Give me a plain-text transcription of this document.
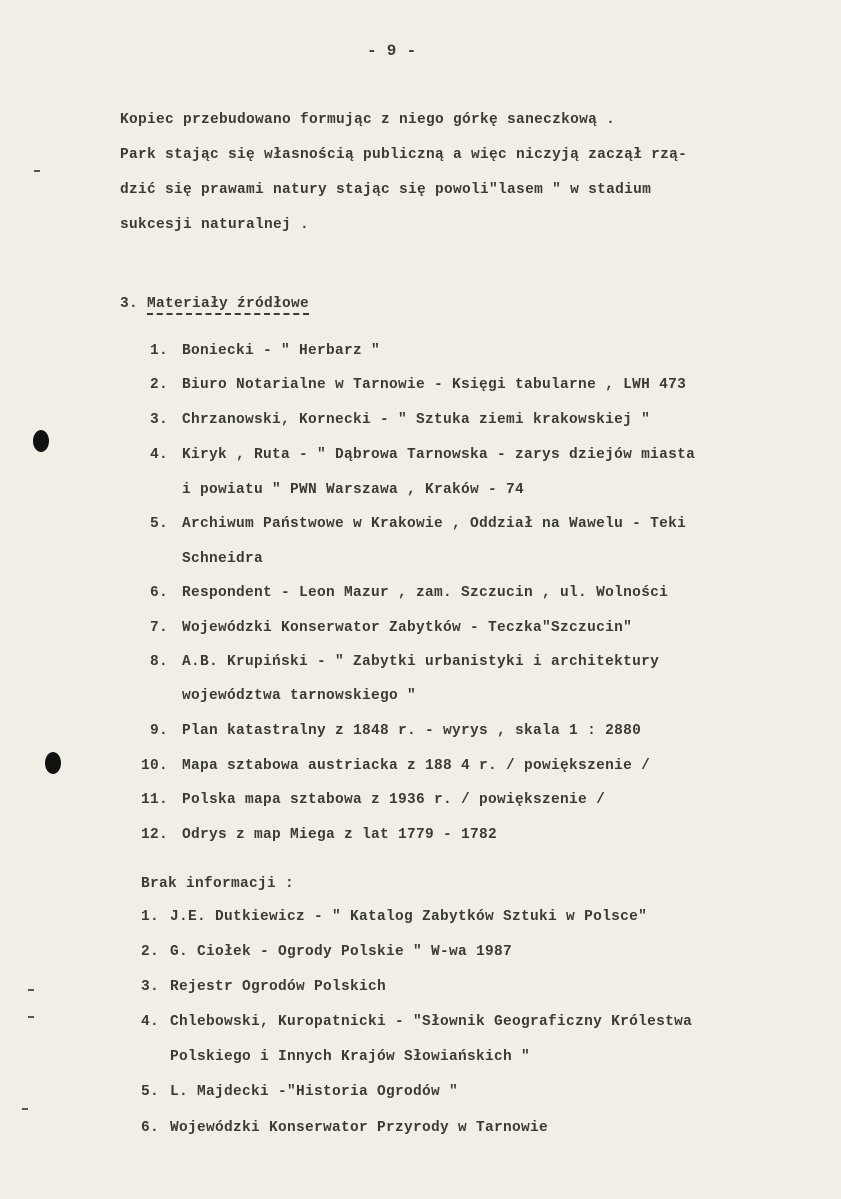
- 9 -
Kopiec przebudowano formując z niego górkę saneczkową .
Park stając się własnością publiczną a więc niczyją zaczął rzą-
dzić się prawami natury stając się powoli"lasem " w stadium
sukcesji naturalnej .
3. Materiały źródłowe
1. Boniecki - " Herbarz "
2. Biuro Notarialne w Tarnowie - Księgi tabularne , LWH 473
3. Chrzanowski, Kornecki - " Sztuka ziemi krakowskiej "
4. Kiryk , Ruta - " Dąbrowa Tarnowska - zarys dziejów miasta
i powiatu " PWN Warszawa , Kraków - 74
5. Archiwum Państwowe w Krakowie , Oddział na Wawelu - Teki
Schneidra
6. Respondent - Leon Mazur , zam. Szczucin , ul. Wolności
7. Wojewódzki Konserwator Zabytków - Teczka"Szczucin"
8. A.B. Krupiński - " Zabytki urbanistyki i architektury
województwa tarnowskiego "
9. Plan katastralny z 1848 r. - wyrys , skala 1 : 2880
10. Mapa sztabowa austriacka z 188 4 r. / powiększenie /
11. Polska mapa sztabowa z 1936 r. / powiększenie /
12. Odrys z map Miega z lat 1779 - 1782
Brak informacji :
1. J.E. Dutkiewicz - " Katalog Zabytków Sztuki w Polsce"
2. G. Ciołek - Ogrody Polskie " W-wa 1987
3. Rejestr Ogrodów Polskich
4. Chlebowski, Kuropatnicki - "Słownik Geograficzny Królestwa
Polskiego i Innych Krajów Słowiańskich "
5. L. Majdecki -"Historia Ogrodów "
6. Wojewódzki Konserwator Przyrody w Tarnowie
